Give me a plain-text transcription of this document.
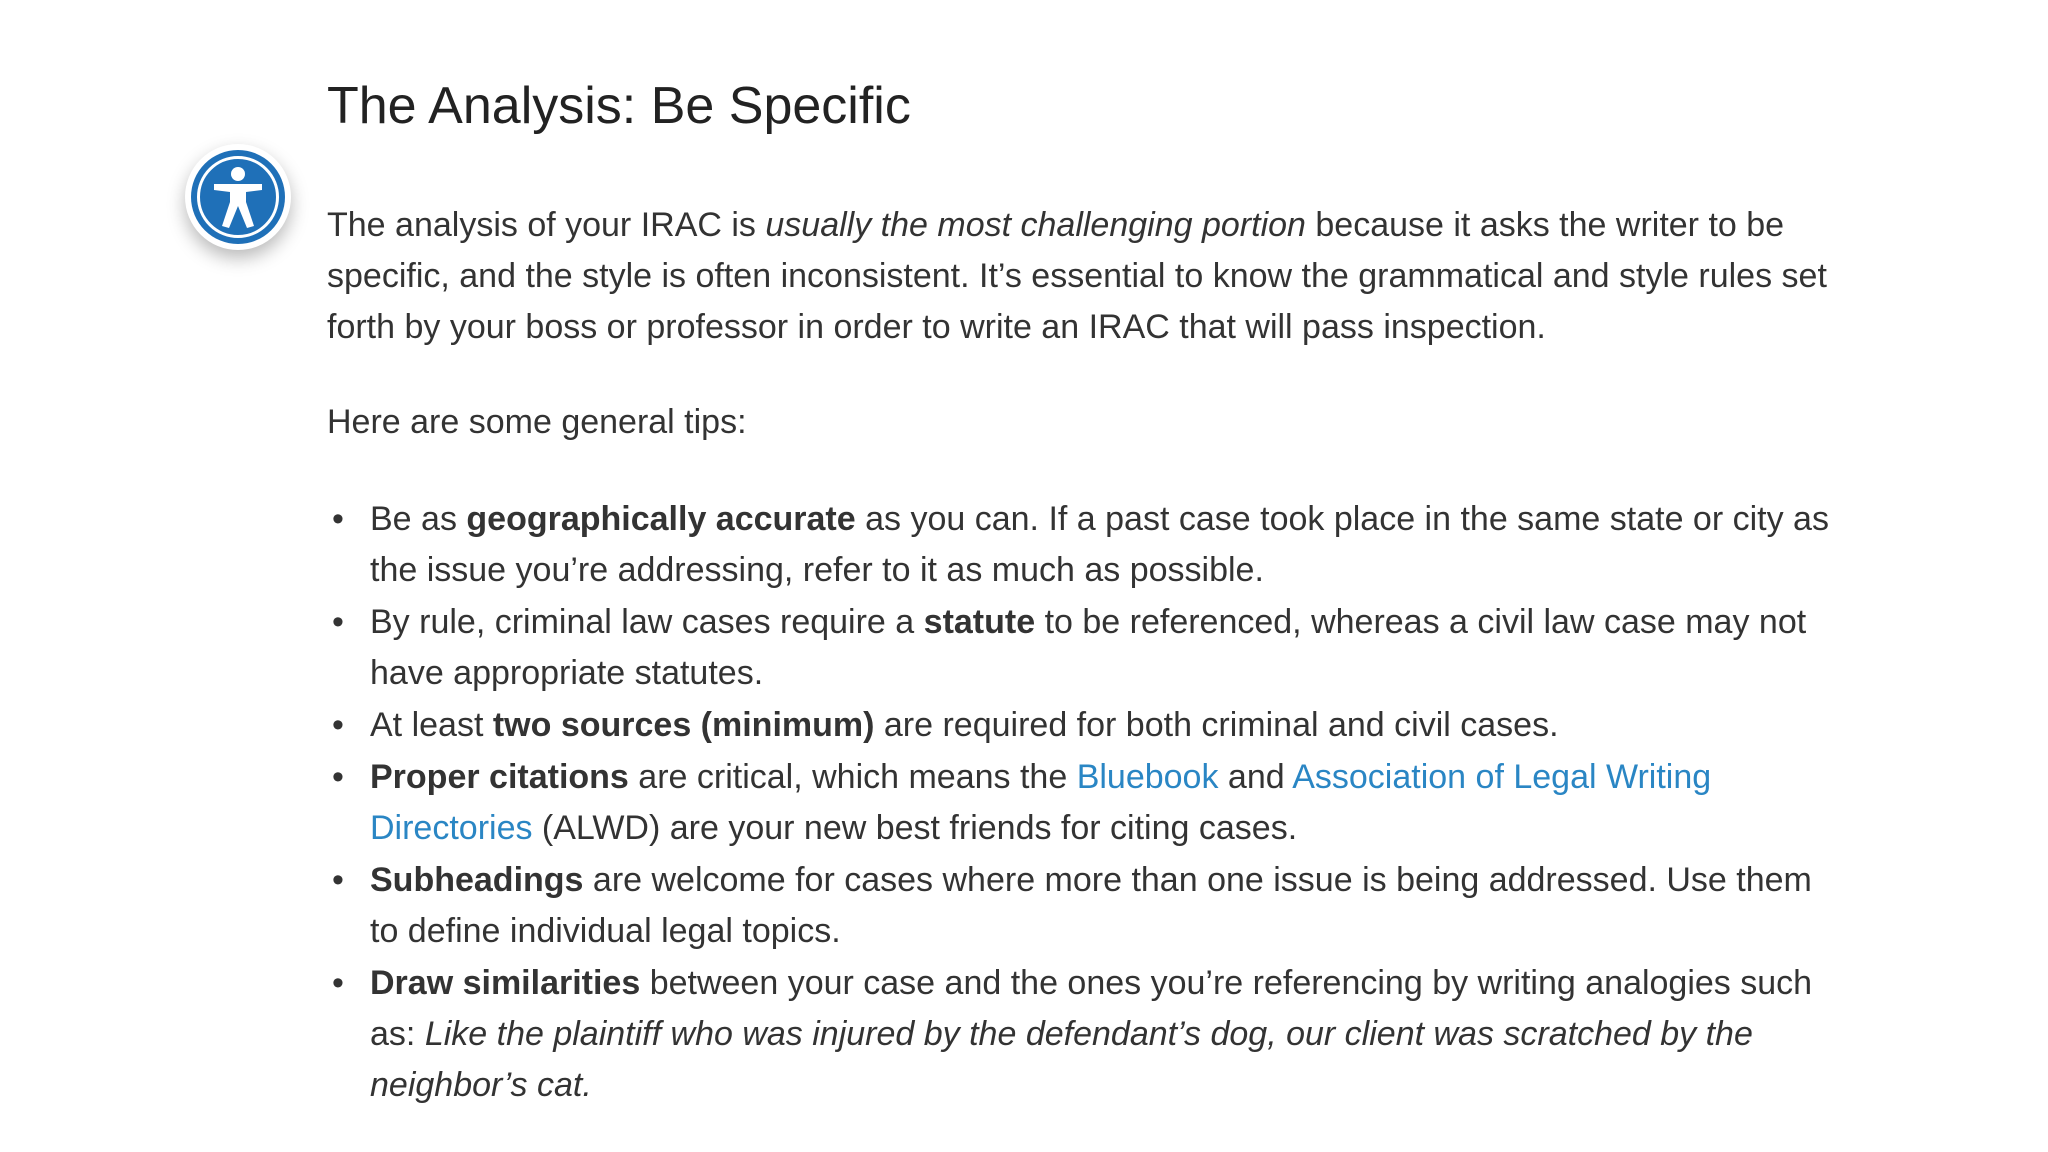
The Analysis: Be Specific

The analysis of your IRAC is usually the most challenging portion because it asks the writer to be specific, and the style is often inconsistent. It’s essential to know the grammatical and style rules set forth by your boss or professor in order to write an IRAC that will pass inspection.

Here are some general tips:

• Be as geographically accurate as you can. If a past case took place in the same state or city as the issue you’re addressing, refer to it as much as possible.
• By rule, criminal law cases require a statute to be referenced, whereas a civil law case may not have appropriate statutes.
• At least two sources (minimum) are required for both criminal and civil cases.
• Proper citations are critical, which means the Bluebook and Association of Legal Writing Directories (ALWD) are your new best friends for citing cases.
• Subheadings are welcome for cases where more than one issue is being addressed. Use them to define individual legal topics.
• Draw similarities between your case and the ones you’re referencing by writing analogies such as: Like the plaintiff who was injured by the defendant’s dog, our client was scratched by the neighbor’s cat.
